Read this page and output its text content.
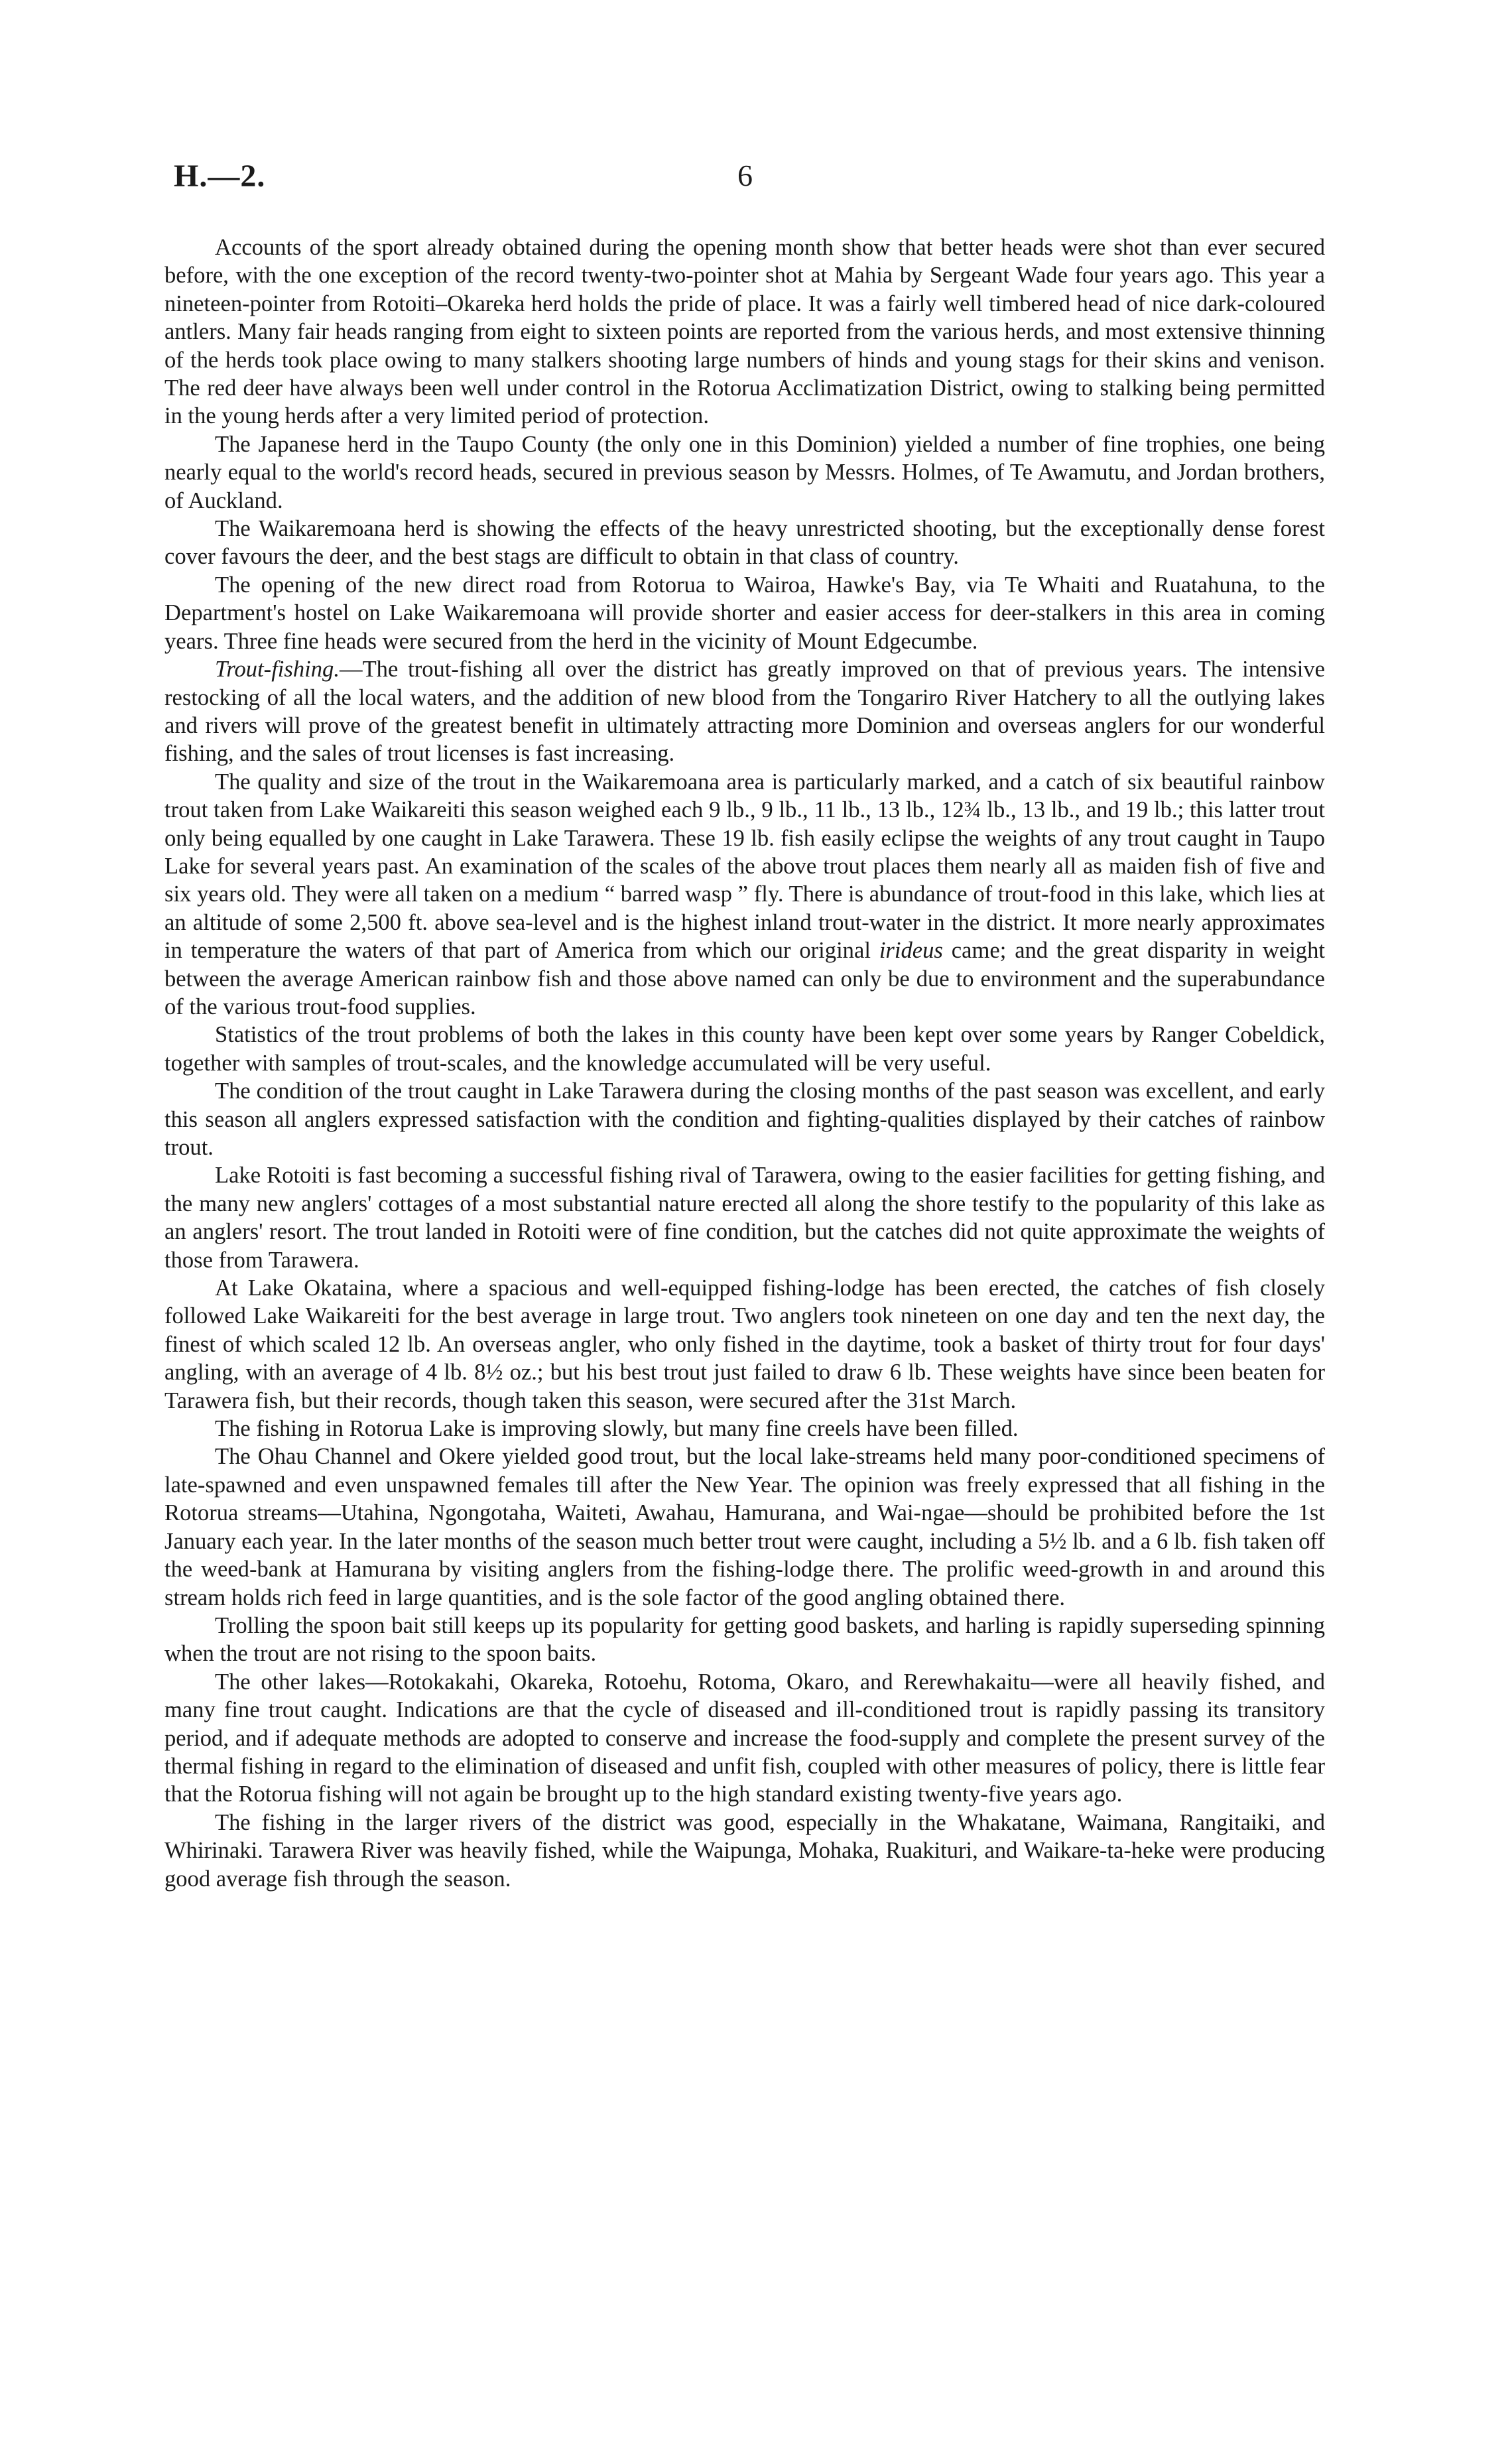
H.—2.	6

Accounts of the sport already obtained during the opening month show that better heads were shot than ever secured before, with the one exception of the record twenty-two-pointer shot at Mahia by Sergeant Wade four years ago. This year a nineteen-pointer from Rotoiti–Okareka herd holds the pride of place. It was a fairly well timbered head of nice dark-coloured antlers. Many fair heads ranging from eight to sixteen points are reported from the various herds, and most extensive thinning of the herds took place owing to many stalkers shooting large numbers of hinds and young stags for their skins and venison. The red deer have always been well under control in the Rotorua Acclimatization District, owing to stalking being permitted in the young herds after a very limited period of protection.

The Japanese herd in the Taupo County (the only one in this Dominion) yielded a number of fine trophies, one being nearly equal to the world's record heads, secured in previous season by Messrs. Holmes, of Te Awamutu, and Jordan brothers, of Auckland.

The Waikaremoana herd is showing the effects of the heavy unrestricted shooting, but the exceptionally dense forest cover favours the deer, and the best stags are difficult to obtain in that class of country.

The opening of the new direct road from Rotorua to Wairoa, Hawke's Bay, via Te Whaiti and Ruatahuna, to the Department's hostel on Lake Waikaremoana will provide shorter and easier access for deer-stalkers in this area in coming years. Three fine heads were secured from the herd in the vicinity of Mount Edgecumbe.

Trout-fishing.—The trout-fishing all over the district has greatly improved on that of previous years. The intensive restocking of all the local waters, and the addition of new blood from the Tongariro River Hatchery to all the outlying lakes and rivers will prove of the greatest benefit in ultimately attracting more Dominion and overseas anglers for our wonderful fishing, and the sales of trout licenses is fast increasing.

The quality and size of the trout in the Waikaremoana area is particularly marked, and a catch of six beautiful rainbow trout taken from Lake Waikareiti this season weighed each 9 lb., 9 lb., 11 lb., 13 lb., 12¾ lb., 13 lb., and 19 lb.; this latter trout only being equalled by one caught in Lake Tarawera. These 19 lb. fish easily eclipse the weights of any trout caught in Taupo Lake for several years past. An examination of the scales of the above trout places them nearly all as maiden fish of five and six years old. They were all taken on a medium “ barred wasp ” fly. There is abundance of trout-food in this lake, which lies at an altitude of some 2,500 ft. above sea-level and is the highest inland trout-water in the district. It more nearly approximates in temperature the waters of that part of America from which our original irideus came; and the great disparity in weight between the average American rainbow fish and those above named can only be due to environment and the superabundance of the various trout-food supplies.

Statistics of the trout problems of both the lakes in this county have been kept over some years by Ranger Cobeldick, together with samples of trout-scales, and the knowledge accumulated will be very useful.

The condition of the trout caught in Lake Tarawera during the closing months of the past season was excellent, and early this season all anglers expressed satisfaction with the condition and fighting-qualities displayed by their catches of rainbow trout.

Lake Rotoiti is fast becoming a successful fishing rival of Tarawera, owing to the easier facilities for getting fishing, and the many new anglers' cottages of a most substantial nature erected all along the shore testify to the popularity of this lake as an anglers' resort. The trout landed in Rotoiti were of fine condition, but the catches did not quite approximate the weights of those from Tarawera.

At Lake Okataina, where a spacious and well-equipped fishing-lodge has been erected, the catches of fish closely followed Lake Waikareiti for the best average in large trout. Two anglers took nineteen on one day and ten the next day, the finest of which scaled 12 lb. An overseas angler, who only fished in the daytime, took a basket of thirty trout for four days' angling, with an average of 4 lb. 8½ oz.; but his best trout just failed to draw 6 lb. These weights have since been beaten for Tarawera fish, but their records, though taken this season, were secured after the 31st March.

The fishing in Rotorua Lake is improving slowly, but many fine creels have been filled.

The Ohau Channel and Okere yielded good trout, but the local lake-streams held many poor-conditioned specimens of late-spawned and even unspawned females till after the New Year. The opinion was freely expressed that all fishing in the Rotorua streams—Utahina, Ngongotaha, Waiteti, Awahau, Hamurana, and Wai-ngae—should be prohibited before the 1st January each year. In the later months of the season much better trout were caught, including a 5½ lb. and a 6 lb. fish taken off the weed-bank at Hamurana by visiting anglers from the fishing-lodge there. The prolific weed-growth in and around this stream holds rich feed in large quantities, and is the sole factor of the good angling obtained there.

Trolling the spoon bait still keeps up its popularity for getting good baskets, and harling is rapidly superseding spinning when the trout are not rising to the spoon baits.

The other lakes—Rotokakahi, Okareka, Rotoehu, Rotoma, Okaro, and Rerewhakaitu—were all heavily fished, and many fine trout caught. Indications are that the cycle of diseased and ill-conditioned trout is rapidly passing its transitory period, and if adequate methods are adopted to conserve and increase the food-supply and complete the present survey of the thermal fishing in regard to the elimination of diseased and unfit fish, coupled with other measures of policy, there is little fear that the Rotorua fishing will not again be brought up to the high standard existing twenty-five years ago.

The fishing in the larger rivers of the district was good, especially in the Whakatane, Waimana, Rangitaiki, and Whirinaki. Tarawera River was heavily fished, while the Waipunga, Mohaka, Ruakituri, and Waikare-ta-heke were producing good average fish through the season.
